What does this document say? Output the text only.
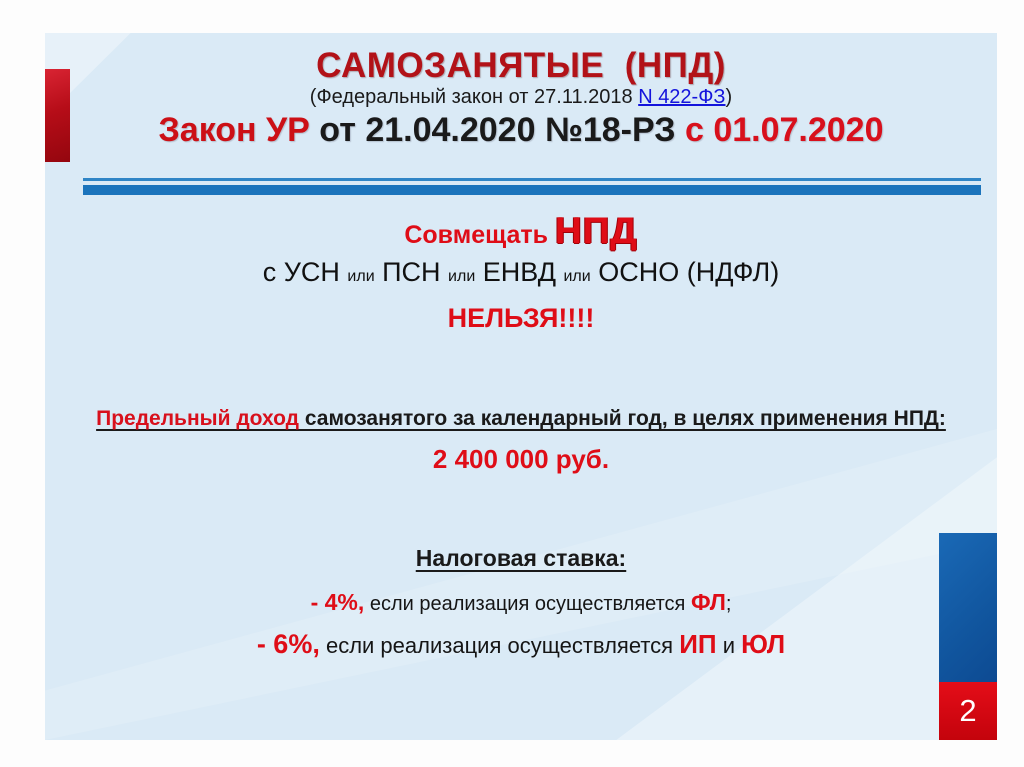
САМОЗАНЯТЫЕ  (НПД)
(Федеральный закон от 27.11.2018 N 422-ФЗ)
Закон УР от 21.04.2020 №18-РЗ с 01.07.2020
Совмещать НПД
с УСН или ПСН или ЕНВД или ОСНО (НДФЛ)
НЕЛЬЗЯ!!!!
Предельный доход самозанятого за календарный год, в целях применения НПД:
2 400 000 руб.
Налоговая ставка:
- 4%, если реализация осуществляется ФЛ;
- 6%, если реализация осуществляется ИП и ЮЛ
2
